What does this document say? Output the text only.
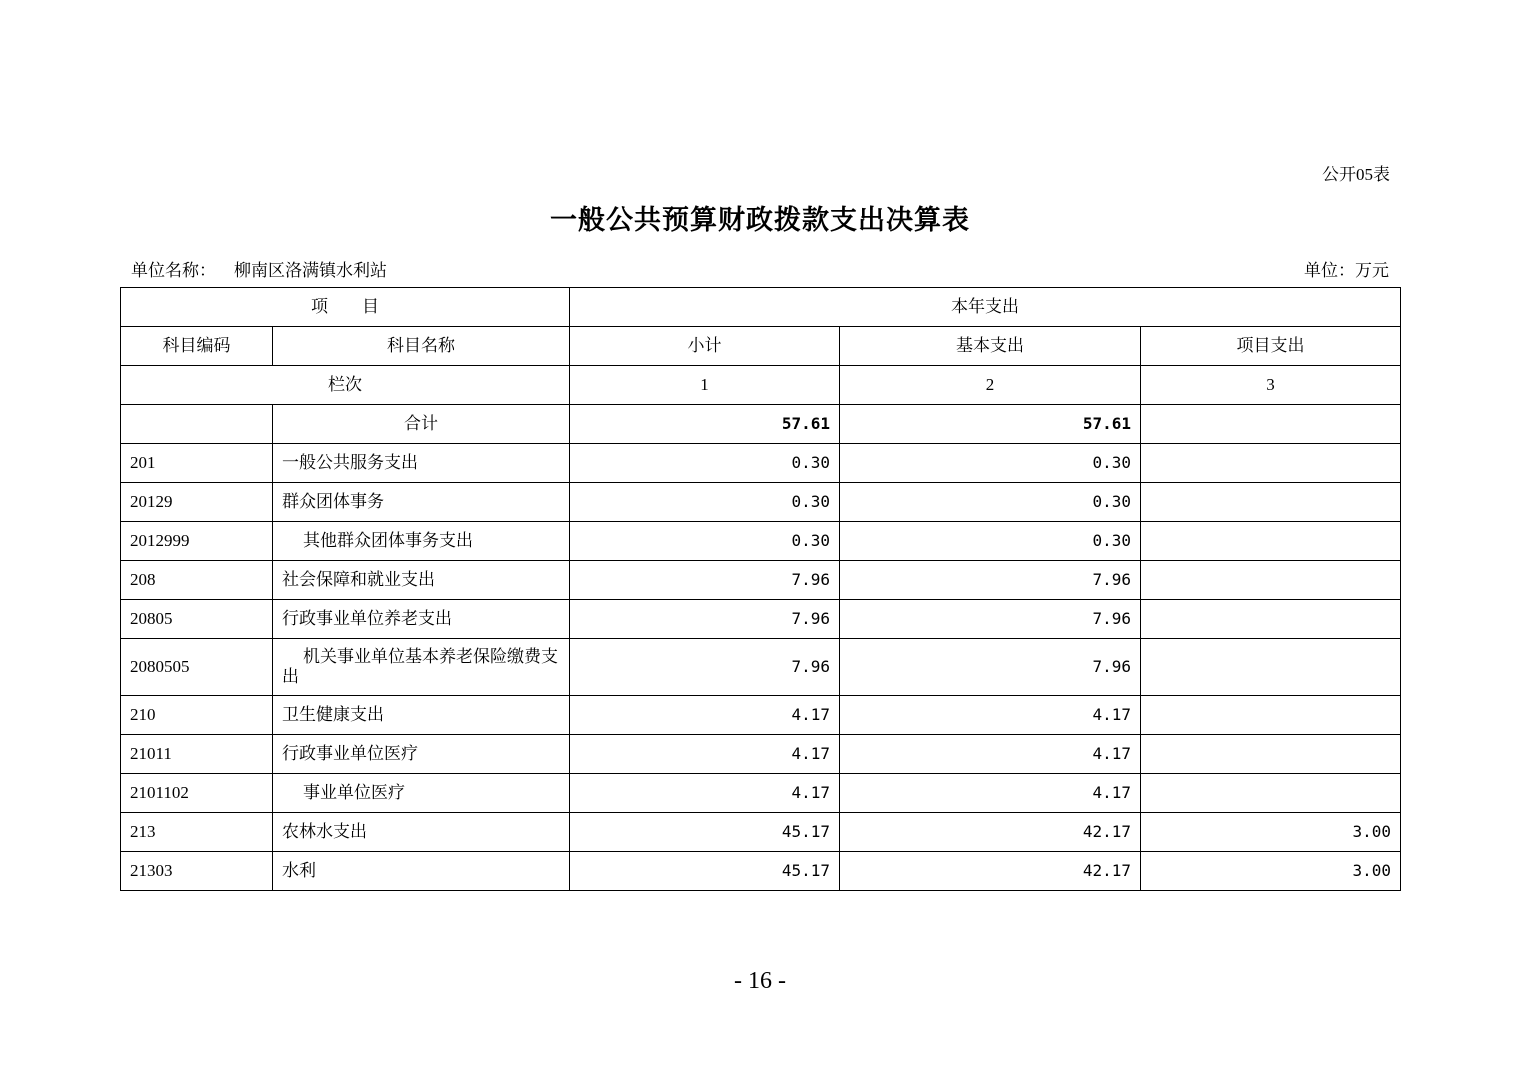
公开05表
一般公共预算财政拨款支出决算表
单位名称： 柳南区洛满镇水利站	单位：万元
项　　目		本年支出		
科目编码	科目名称	小计	基本支出	项目支出
栏次		1	2	3
	合计	57.61	57.61	
201	一般公共服务支出	0.30	0.30	
20129	群众团体事务	0.30	0.30	
2012999	其他群众团体事务支出	0.30	0.30	
208	社会保障和就业支出	7.96	7.96	
20805	行政事业单位养老支出	7.96	7.96	
2080505	机关事业单位基本养老保险缴费支出	7.96	7.96	
210	卫生健康支出	4.17	4.17	
21011	行政事业单位医疗	4.17	4.17	
2101102	事业单位医疗	4.17	4.17	
213	农林水支出	45.17	42.17	3.00
21303	水利	45.17	42.17	3.00
- 16 -
